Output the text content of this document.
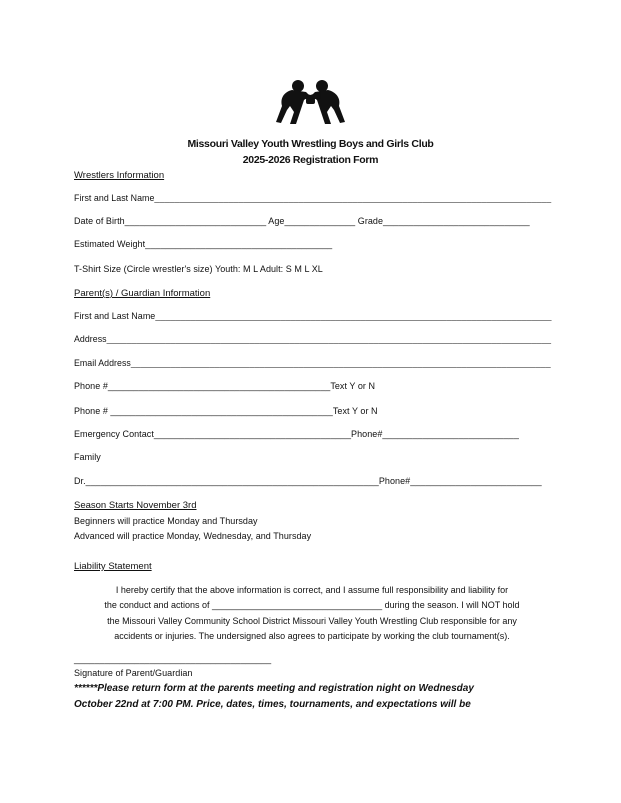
Missouri Valley Youth Wrestling Boys and Girls Club
2025-2026 Registration Form
Wrestlers Information
First and Last Name________________________________________________________________________________
Date of Birth____________________________ Age______________ Grade_____________________________
Estimated Weight_____________________________________
T-Shirt Size (Circle wrestler's size) Youth: M L Adult: S M L XL
Parent(s) / Guardian Information
First and Last Name_______________________________________________________________________________
Address__________________________________________________________________________________________
Email Address_____________________________________________________________________________________
Phone #____________________________________________Text Y or N
Phone # ____________________________________________Text Y or N
Emergency Contact_______________________________________Phone#___________________________
Family
Dr.__________________________________________________________Phone#__________________________
Season Starts November 3rd
Beginners will practice Monday and Thursday
Advanced will practice Monday, Wednesday, and Thursday
Liability Statement
I hereby certify that the above information is correct, and I assume full responsibility and liability for
the conduct and actions of __________________________________ during the season. I will NOT hold
the Missouri Valley Community School District Missouri Valley Youth Wrestling Club responsible for any
accidents or injuries. The undersigned also agrees to participate by working the club tournament(s).
_______________________________________
Signature of Parent/Guardian
******Please return form at the parents meeting and registration night on Wednesday
October 22nd at 7:00 PM. Price, dates, times, tournaments, and expectations will be
